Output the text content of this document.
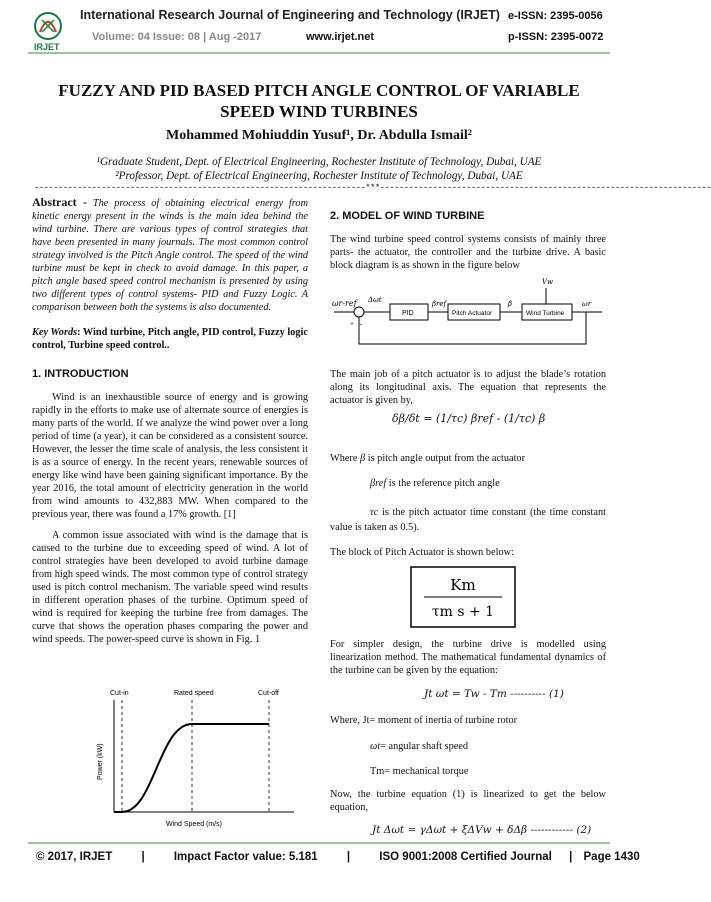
IRJET
International Research Journal of Engineering and Technology (IRJET) e-ISSN: 2395-0056
Volume: 04 Issue: 08 | Aug -2017	www.irjet.net	p-ISSN: 2395-0072
FUZZY AND PID BASED PITCH ANGLE CONTROL OF VARIABLE SPEED WIND TURBINES
Mohammed Mohiuddin Yusuf¹, Dr. Abdulla Ismail²
¹Graduate Student, Dept. of Electrical Engineering, Rochester Institute of Technology, Dubai, UAE
²Professor, Dept. of Electrical Engineering, Rochester Institute of Technology, Dubai, UAE
---------------------------------------------------------------------***---------------------------------------------------------------------

Abstract - The process of obtaining electrical energy from kinetic energy present in the winds is the main idea behind the wind turbine. There are various types of control strategies that have been presented in many journals. The most common control strategy involved is the Pitch Angle control. The speed of the wind turbine must be kept in check to avoid damage. In this paper, a pitch angle based speed control mechanism is presented by using two different types of control systems- PID and Fuzzy Logic. A comparison between both the systems is also documented.

Key Words: Wind turbine, Pitch angle, PID control, Fuzzy logic control, Turbine speed control..

1. INTRODUCTION

Wind is an inexhaustible source of energy and is growing rapidly in the efforts to make use of alternate source of energies is many parts of the world. If we analyze the wind power over a long period of time (a year), it can be considered as a consistent source. However, the lesser the time scale of analysis, the less consistent it is as a source of energy. In the recent years, renewable sources of energy like wind have been gaining significant importance. By the year 2016, the total amount of electricity generation in the world from wind amounts to 432,883 MW. When compared to the previous year, there was found a 17% growth. [1]

A common issue associated with wind is the damage that is caused to the turbine due to exceeding speed of wind. A lot of control strategies have been developed to avoid turbine damage from high speed winds. The most common type of control strategy used is pitch control mechanism. The variable speed wind results in different operation phases of the turbine. Optimum speed of wind is required for keeping the turbine free from damages. The curve that shows the operation phases comparing the power and wind speeds. The power-speed curve is shown in Fig. 1

Cut-in	Rated speed	Cut-off
Power (kW)
Wind Speed (m/s)

2. MODEL OF WIND TURBINE

The wind turbine speed control systems consists of mainly three parts- the actuator, the controller and the turbine drive. A basic block diagram is as shown in the figure below

ωr-ref Δωt
+ -
PID
βref
Pitch Actuator
β
Wind Turbine
Vw
ωr

The main job of a pitch actuator is to adjust the blade’s rotation along its longitudinal axis. The equation that represents the actuator is given by,

δβ/δt = (1/τc) βref - (1/τc) β

Where β is pitch angle output from the actuator

βref is the reference pitch angle

τc is the pitch actuator time constant (the time constant value is taken as 0.5).

The block of Pitch Actuator is shown below:

Km
τm s + 1

For simpler design, the turbine drive is modelled using linearization method. The mathematical fundamental dynamics of the turbine can be given by the equation:

Jt ωt = Tw - Tm ---------- (1)

Where, Jt= moment of inertia of turbine rotor

ωt= angular shaft speed

Tm= mechanical torque

Now, the turbine equation (1) is linearized to get the below equation,

Jt Δωt = γΔωt + ξΔVw + δΔβ ------------ (2)
© 2017, IRJET	|	Impact Factor value: 5.181	|	ISO 9001:2008 Certified Journal | Page 1430
